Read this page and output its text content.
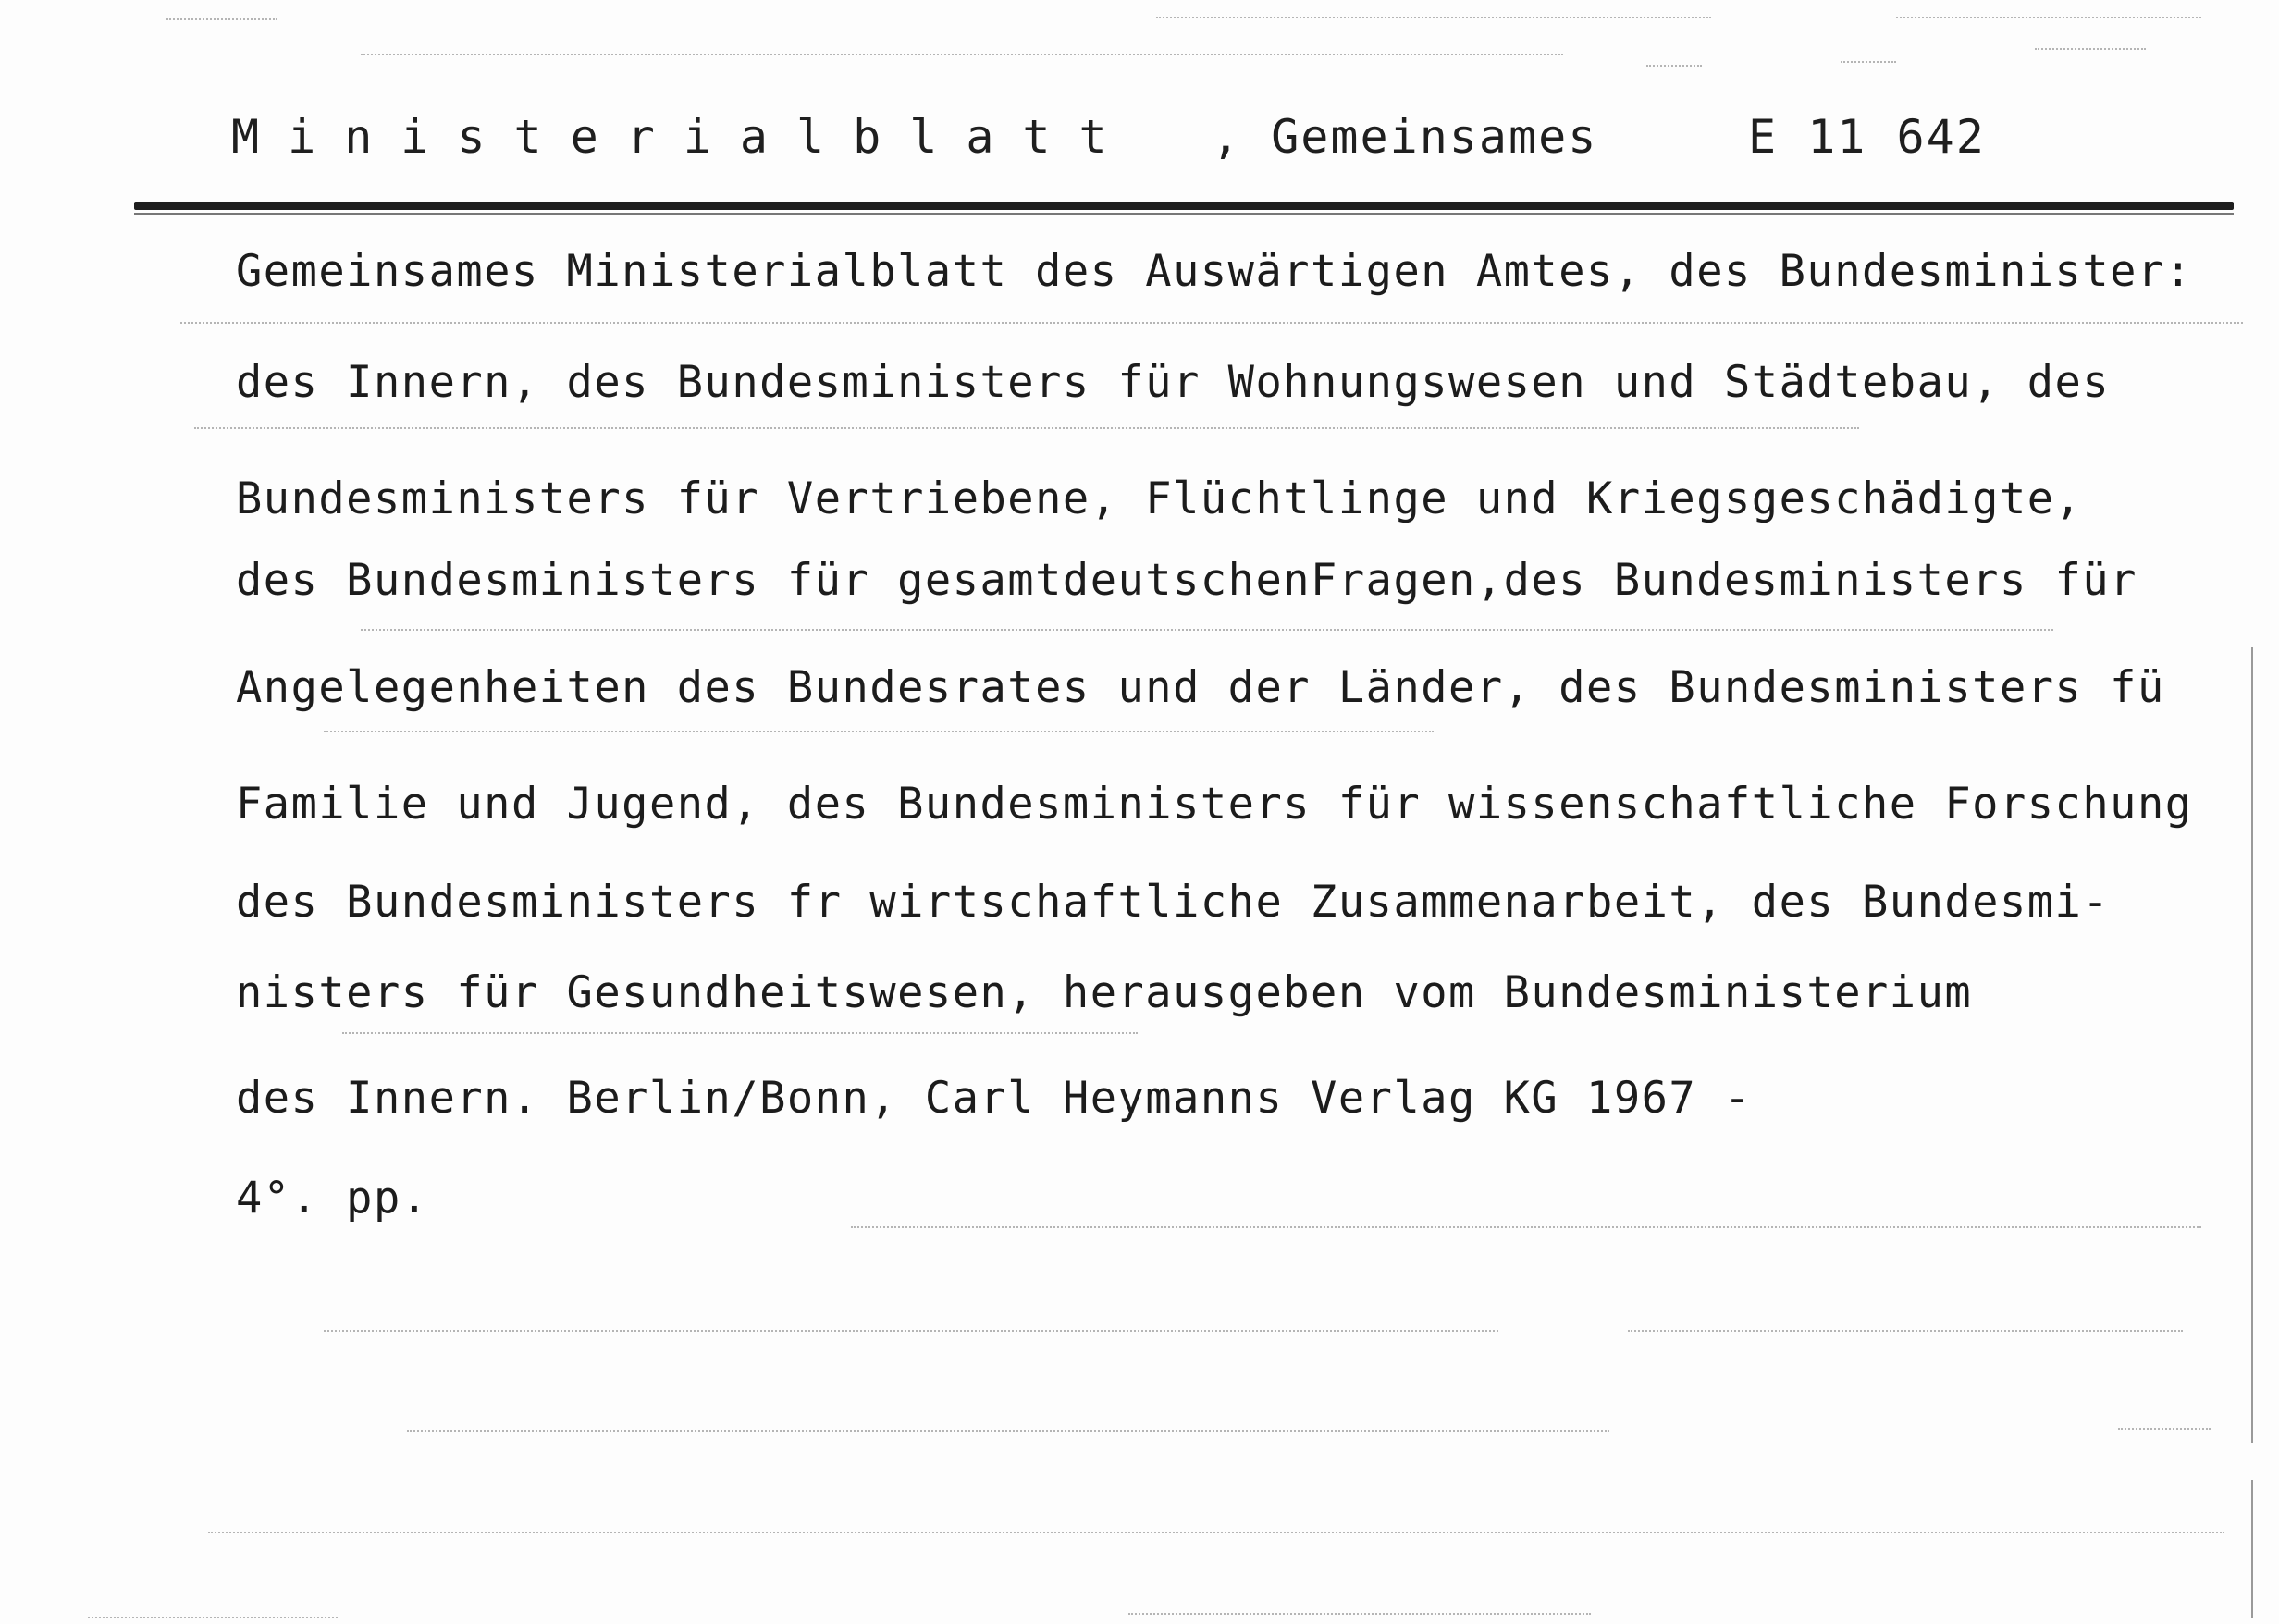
Ministerialblatt , Gemeinsames	E 11 642
Gemeinsames Ministerialblatt des Auswärtigen Amtes, des Bundesminister:
des Innern, des Bundesministers für Wohnungswesen und Städtebau, des
Bundesministers für Vertriebene, Flüchtlinge und Kriegsgeschädigte,
des Bundesministers für gesamtdeutschenFragen,des Bundesministers für
Angelegenheiten des Bundesrates und der Länder, des Bundesministers fü
Familie und Jugend, des Bundesministers für wissenschaftliche Forschung
des Bundesministers fr wirtschaftliche Zusammenarbeit, des Bundesmi-
nisters für Gesundheitswesen, herausgeben vom Bundesministerium
des Innern. Berlin/Bonn, Carl Heymanns Verlag KG 1967 -
4°. pp.
